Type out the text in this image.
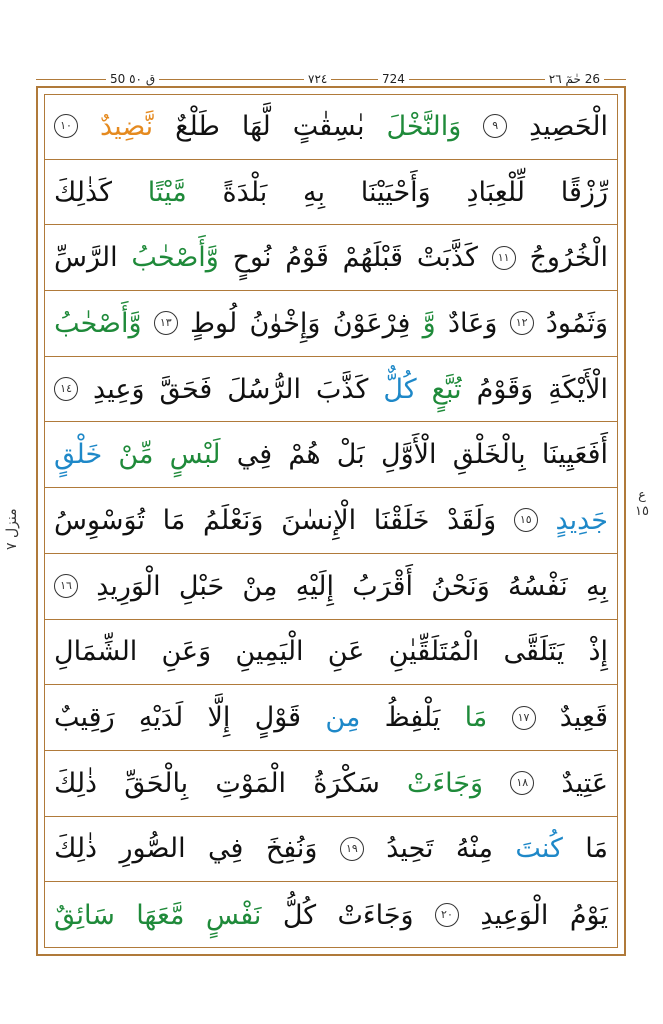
26 حٰمٓ ٢٦
٧٢٤	724
ق ٥٠ 50
الْحَصِيدِ
٩
وَالنَّخْلَ
بٰسِقٰتٍ
لَّهَا
طَلْعٌ
نَّضِيدٌ
١٠
رِّزْقًا
لِّلْعِبَادِ
وَأَحْيَيْنَا
بِهِ
بَلْدَةً
مَّيْتًا
كَذٰلِكَ
الْخُرُوجُ
١١
كَذَّبَتْ
قَبْلَهُمْ
قَوْمُ
نُوحٍ
وَّأَصْحٰبُ
الرَّسِّ
وَثَمُودُ
١٢
وَعَادٌ
وَّ
فِرْعَوْنُ
وَإِخْوٰنُ
لُوطٍ
١٣
وَّأَصْحٰبُ
الْأَيْكَةِ
وَقَوْمُ
تُبَّعٍ
كُلٌّ
كَذَّبَ
الرُّسُلَ
فَحَقَّ
وَعِيدِ
١٤
أَفَعَيِينَا
بِالْخَلْقِ
الْأَوَّلِ
بَلْ
هُمْ
فِي
لَبْسٍ
مِّنْ
خَلْقٍ
جَدِيدٍ
١٥
وَلَقَدْ
خَلَقْنَا
الْإِنسٰنَ
وَنَعْلَمُ
مَا
تُوَسْوِسُ
بِهِ
نَفْسُهُ
وَنَحْنُ
أَقْرَبُ
إِلَيْهِ
مِنْ
حَبْلِ
الْوَرِيدِ
١٦
إِذْ
يَتَلَقَّى
الْمُتَلَقِّيٰنِ
عَنِ
الْيَمِينِ
وَعَنِ
الشِّمَالِ
قَعِيدٌ
١٧
مَا
يَلْفِظُ
مِن
قَوْلٍ
إِلَّا
لَدَيْهِ
رَقِيبٌ
عَتِيدٌ
١٨
وَجَاءَتْ
سَكْرَةُ
الْمَوْتِ
بِالْحَقِّ
ذٰلِكَ
مَا
كُنتَ
مِنْهُ
تَحِيدُ
١٩
وَنُفِخَ
فِي
الصُّورِ
ذٰلِكَ
يَوْمُ
الْوَعِيدِ
٢٠
وَجَاءَتْ
كُلُّ
نَفْسٍ
مَّعَهَا
سَائِقٌ
منزل ٧
ع ١٥
